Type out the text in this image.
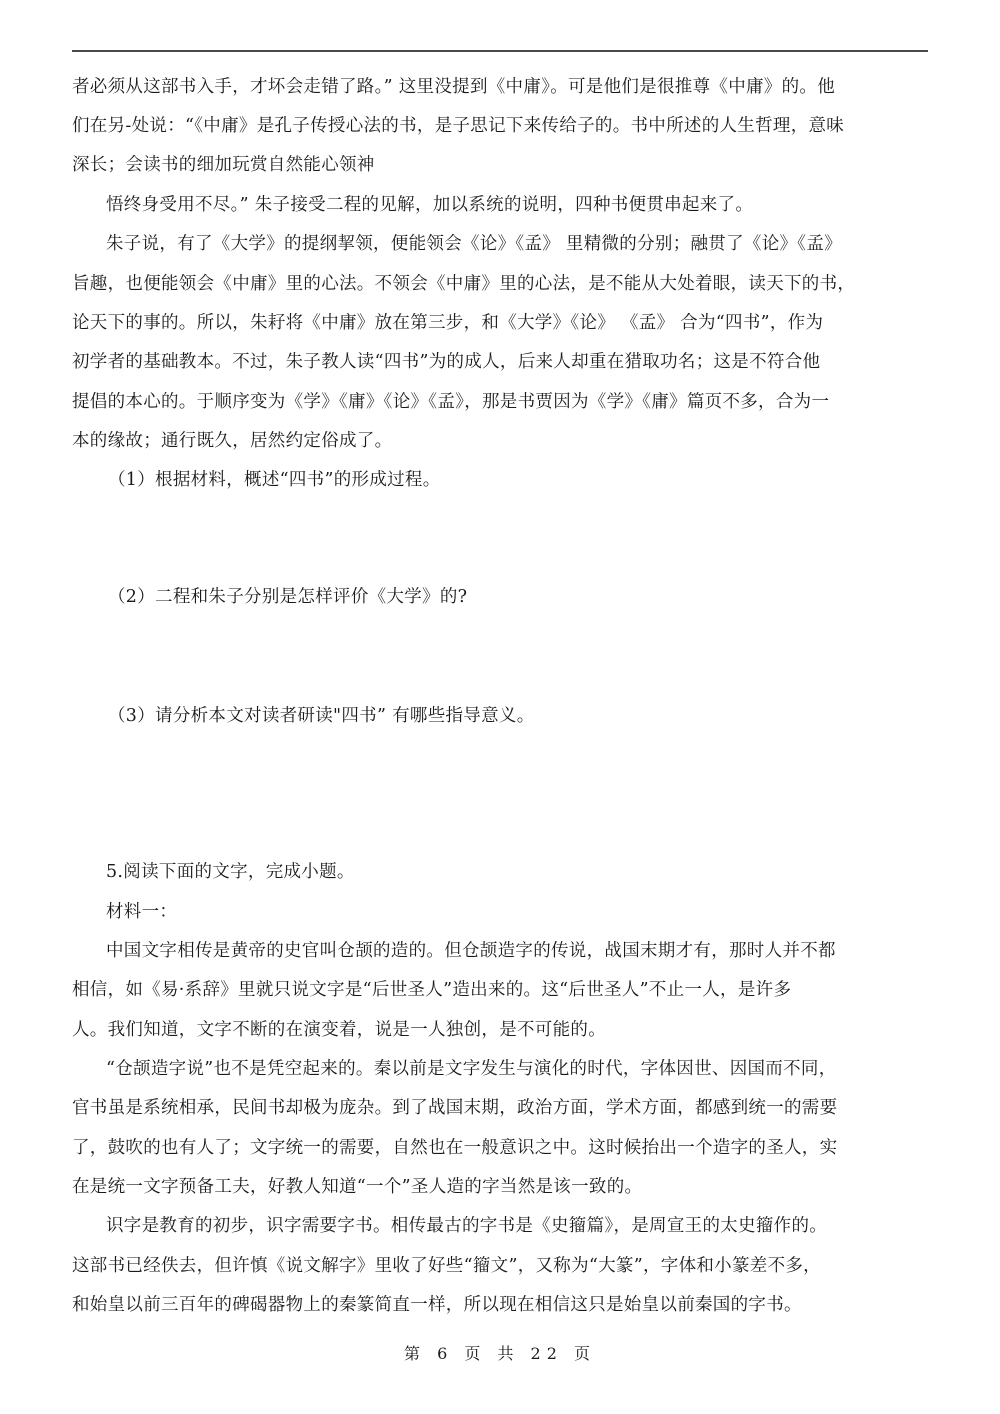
者必须从这部书入手，才坏会走错了路。” 这里没提到《中庸》。可是他们是很推尊《中庸》的。他
们在另-处说：“《中庸》是孔子传授心法的书，是子思记下来传给子的。书中所述的人生哲理，意味
深长；会读书的细加玩赏自然能心领神
悟终身受用不尽。” 朱子接受二程的见解，加以系统的说明，四种书便贯串起来了。
朱子说，有了《大学》的提纲挈领，便能领会《论》《孟》 里精微的分别；融贯了《论》《孟》
旨趣，也便能领会《中庸》里的心法。不领会《中庸》里的心法，是不能从大处着眼，读天下的书，
论天下的事的。所以，朱耔将《中庸》放在第三步，和《大学》《论》 《孟》 合为“四书”，作为
初学者的基础教本。不过，朱子教人读“四书”为的成人，后来人却重在猎取功名；这是不符合他
提倡的本心的。于顺序变为《学》《庸》《论》《孟》，那是书贾因为《学》《庸》篇页不多，合为一
本的缘故；通行既久，居然约定俗成了。
（1）根据材料，概述“四书”的形成过程。
（2）二程和朱子分别是怎样评价《大学》的?
（3）请分析本文对读者研读"四书” 有哪些指导意义。
5.阅读下面的文字，完成小题。
材料一：
中国文字相传是黄帝的史官叫仓颉的造的。但仓颉造字的传说，战国末期才有，那时人并不都
相信，如《易·系辞》里就只说文字是“后世圣人”造出来的。这“后世圣人”不止一人，是许多
人。我们知道，文字不断的在演变着，说是一人独创，是不可能的。
“仓颉造字说”也不是凭空起来的。秦以前是文字发生与演化的时代，字体因世、因国而不同，
官书虽是系统相承，民间书却极为庞杂。到了战国末期，政治方面，学术方面，都感到统一的需要
了，鼓吹的也有人了；文字统一的需要，自然也在一般意识之中。这时候抬出一个造字的圣人，实
在是统一文字预备工夫，好教人知道“一个”圣人造的字当然是该一致的。
识字是教育的初步，识字需要字书。相传最古的字书是《史籀篇》，是周宣王的太史籀作的。
这部书已经佚去，但许慎《说文解字》里收了好些“籀文”，又称为“大篆”，字体和小篆差不多，
和始皇以前三百年的碑碣器物上的秦篆简直一样，所以现在相信这只是始皇以前秦国的字书。
第 6 页 共 22 页
